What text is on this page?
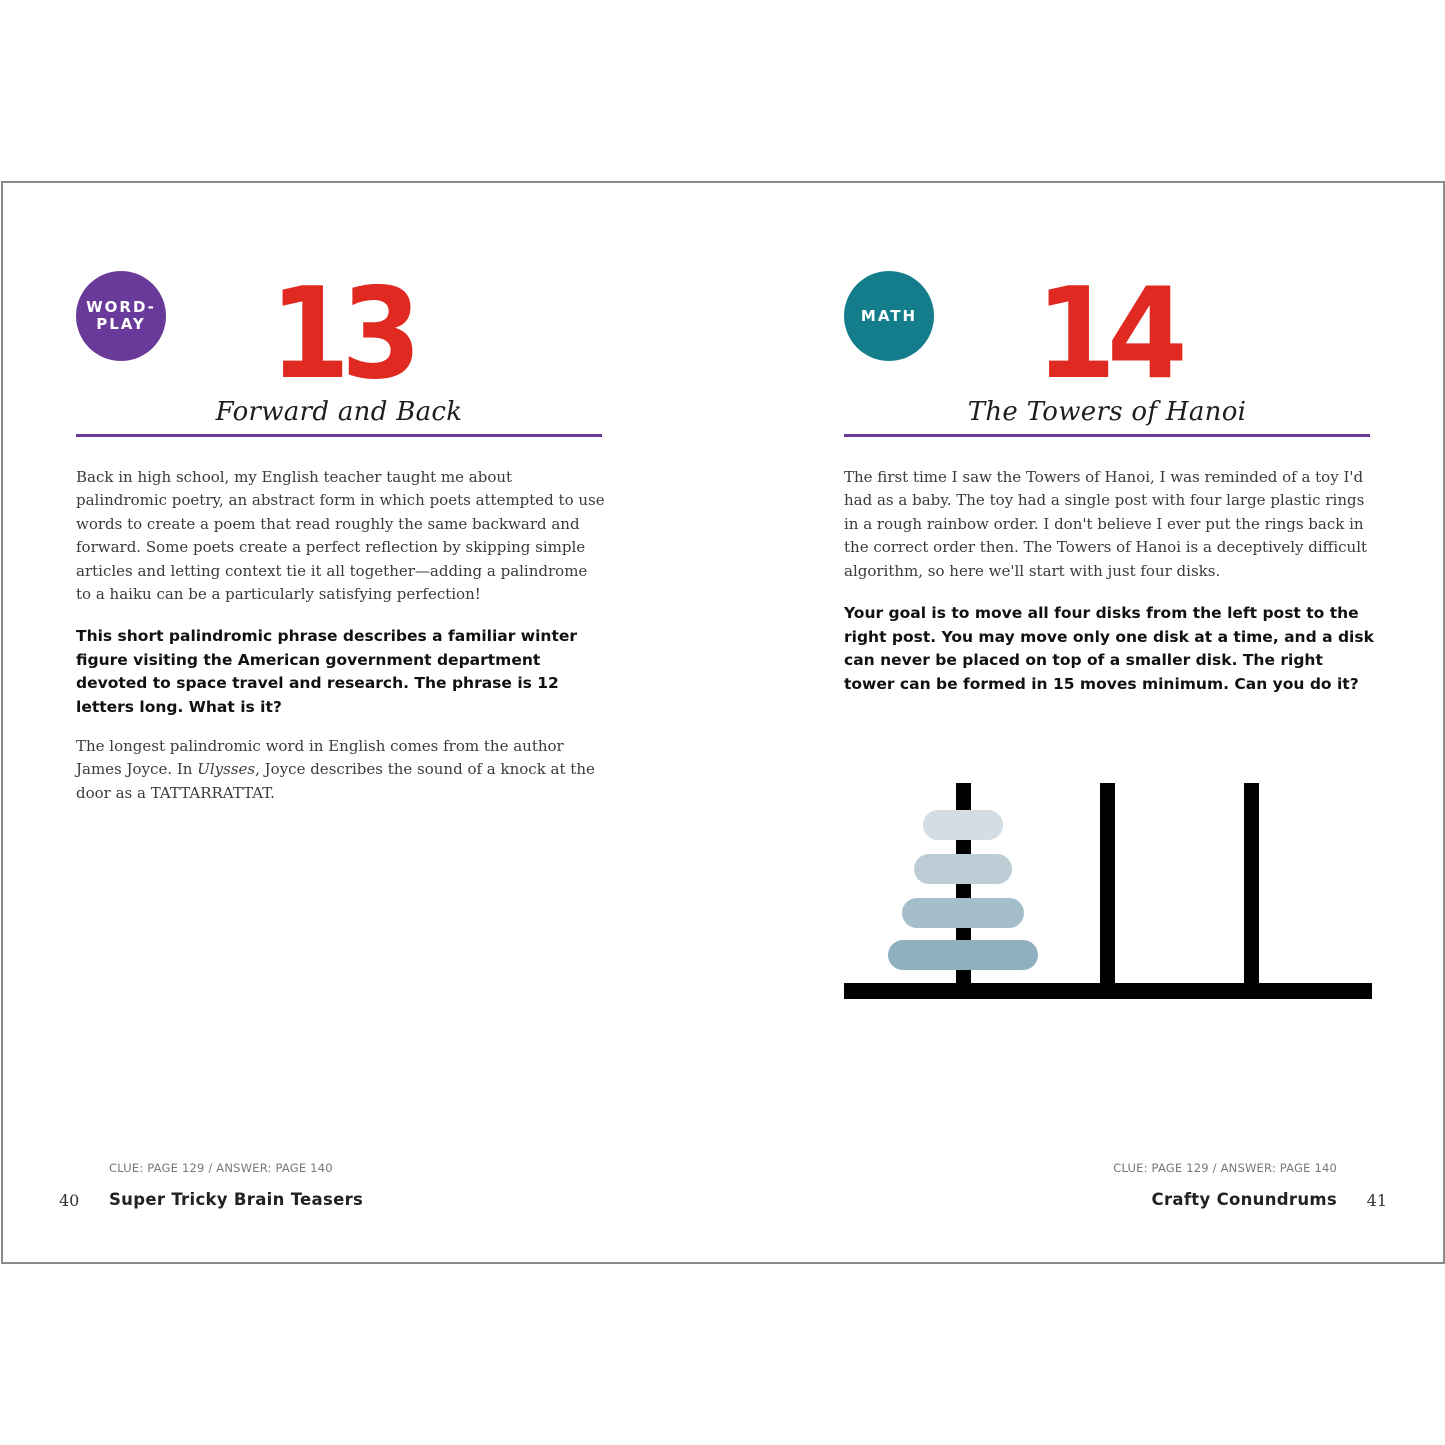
WORD-
PLAY 13
Forward and Back

Back in high school, my English teacher taught me about palindromic poetry, an abstract form in which poets attempted to use words to create a poem that read roughly the same backward and forward. Some poets create a perfect reflection by skipping simple articles and letting context tie it all together—adding a palindrome to a haiku can be a particularly satisfying perfection!

This short palindromic phrase describes a familiar winter figure visiting the American government department devoted to space travel and research. The phrase is 12 letters long. What is it?

The longest palindromic word in English comes from the author James Joyce. In Ulysses, Joyce describes the sound of a knock at the door as a TATTARRATTAT.

CLUE: PAGE 129 / ANSWER: PAGE 140
40 Super Tricky Brain Teasers
MATH 14
The Towers of Hanoi

The first time I saw the Towers of Hanoi, I was reminded of a toy I'd had as a baby. The toy had a single post with four large plastic rings in a rough rainbow order. I don't believe I ever put the rings back in the correct order then. The Towers of Hanoi is a deceptively difficult algorithm, so here we'll start with just four disks.

Your goal is to move all four disks from the left post to the right post. You may move only one disk at a time, and a disk can never be placed on top of a smaller disk. The right tower can be formed in 15 moves minimum. Can you do it?

CLUE: PAGE 129 / ANSWER: PAGE 140
Crafty Conundrums 41
